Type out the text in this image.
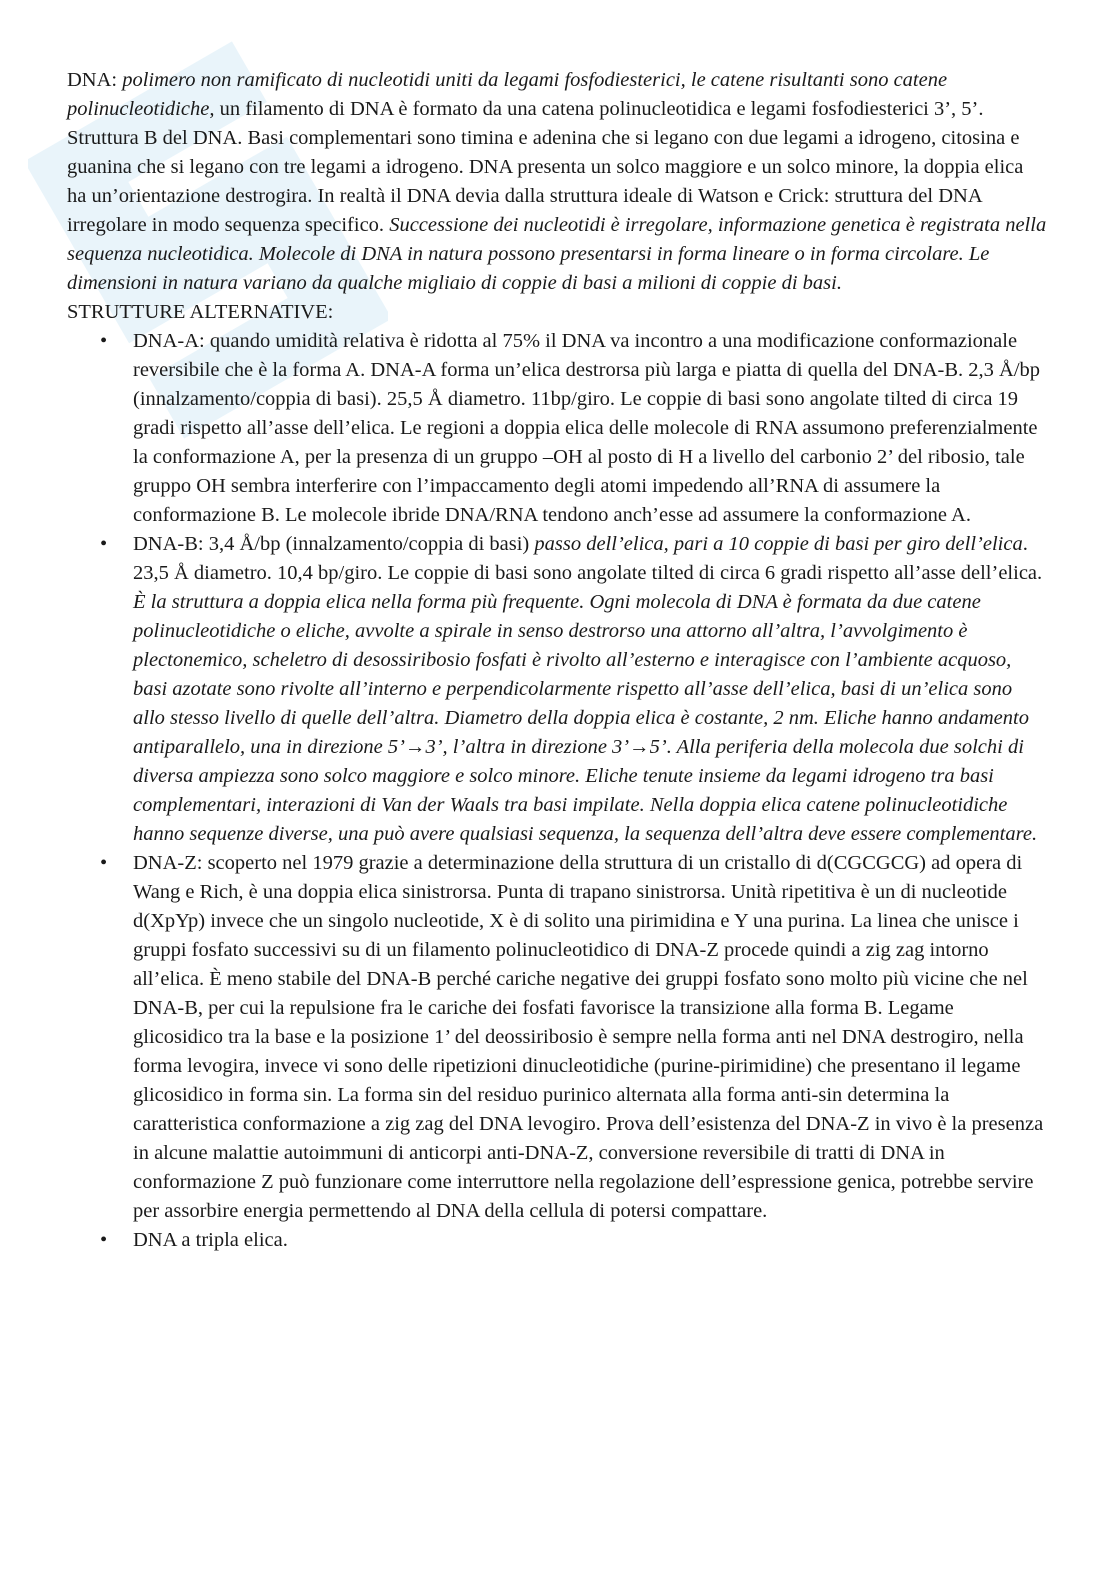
DNA: polimero non ramificato di nucleotidi uniti da legami fosfodiesterici, le catene risultanti sono catene polinucleotidiche, un filamento di DNA è formato da una catena polinucleotidica e legami fosfodiesterici 3’, 5’. Struttura B del DNA. Basi complementari sono timina e adenina che si legano con due legami a idrogeno, citosina e guanina che si legano con tre legami a idrogeno. DNA presenta un solco maggiore e un solco minore, la doppia elica ha un’orientazione destrogira. In realtà il DNA devia dalla struttura ideale di Watson e Crick: struttura del DNA irregolare in modo sequenza specifico. Successione dei nucleotidi è irregolare, informazione genetica è registrata nella sequenza nucleotidica. Molecole di DNA in natura possono presentarsi in forma lineare o in forma circolare. Le dimensioni in natura variano da qualche migliaio di coppie di basi a milioni di coppie di basi.

STRUTTURE ALTERNATIVE:

• DNA-A: quando umidità relativa è ridotta al 75% il DNA va incontro a una modificazione conformazionale reversibile che è la forma A. DNA-A forma un’elica destrorsa più larga e piatta di quella del DNA-B. 2,3 Å/bp (innalzamento/coppia di basi). 25,5 Å diametro. 11bp/giro. Le coppie di basi sono angolate tilted di circa 19 gradi rispetto all’asse dell’elica. Le regioni a doppia elica delle molecole di RNA assumono preferenzialmente la conformazione A, per la presenza di un gruppo –OH al posto di H a livello del carbonio 2’ del ribosio, tale gruppo OH sembra interferire con l’impaccamento degli atomi impedendo all’RNA di assumere la conformazione B. Le molecole ibride DNA/RNA tendono anch’esse ad assumere la conformazione A.
• DNA-B: 3,4 Å/bp (innalzamento/coppia di basi) passo dell’elica, pari a 10 coppie di basi per giro dell’elica. 23,5 Å diametro. 10,4 bp/giro. Le coppie di basi sono angolate tilted di circa 6 gradi rispetto all’asse dell’elica. È la struttura a doppia elica nella forma più frequente. Ogni molecola di DNA è formata da due catene polinucleotidiche o eliche, avvolte a spirale in senso destrorso una attorno all’altra, l’avvolgimento è plectonemico, scheletro di desossiribosio fosfati è rivolto all’esterno e interagisce con l’ambiente acquoso, basi azotate sono rivolte all’interno e perpendicolarmente rispetto all’asse dell’elica, basi di un’elica sono allo stesso livello di quelle dell’altra. Diametro della doppia elica è costante, 2 nm. Eliche hanno andamento antiparallelo, una in direzione 5’→3’, l’altra in direzione 3’→5’. Alla periferia della molecola due solchi di diversa ampiezza sono solco maggiore e solco minore. Eliche tenute insieme da legami idrogeno tra basi complementari, interazioni di Van der Waals tra basi impilate. Nella doppia elica catene polinucleotidiche hanno sequenze diverse, una può avere qualsiasi sequenza, la sequenza dell’altra deve essere complementare.
• DNA-Z: scoperto nel 1979 grazie a determinazione della struttura di un cristallo di d(CGCGCG) ad opera di Wang e Rich, è una doppia elica sinistrorsa. Punta di trapano sinistrorsa. Unità ripetitiva è un di nucleotide d(XpYp) invece che un singolo nucleotide, X è di solito una pirimidina e Y una purina. La linea che unisce i gruppi fosfato successivi su di un filamento polinucleotidico di DNA-Z procede quindi a zig zag intorno all’elica. È meno stabile del DNA-B perché cariche negative dei gruppi fosfato sono molto più vicine che nel DNA-B, per cui la repulsione fra le cariche dei fosfati favorisce la transizione alla forma B. Legame glicosidico tra la base e la posizione 1’ del deossiribosio è sempre nella forma anti nel DNA destrogiro, nella forma levogira, invece vi sono delle ripetizioni dinucleotidiche (purine-pirimidine) che presentano il legame glicosidico in forma sin. La forma sin del residuo purinico alternata alla forma anti-sin determina la caratteristica conformazione a zig zag del DNA levogiro. Prova dell’esistenza del DNA-Z in vivo è la presenza in alcune malattie autoimmuni di anticorpi anti-DNA-Z, conversione reversibile di tratti di DNA in conformazione Z può funzionare come interruttore nella regolazione dell’espressione genica, potrebbe servire per assorbire energia permettendo al DNA della cellula di potersi compattare.
• DNA a tripla elica.
